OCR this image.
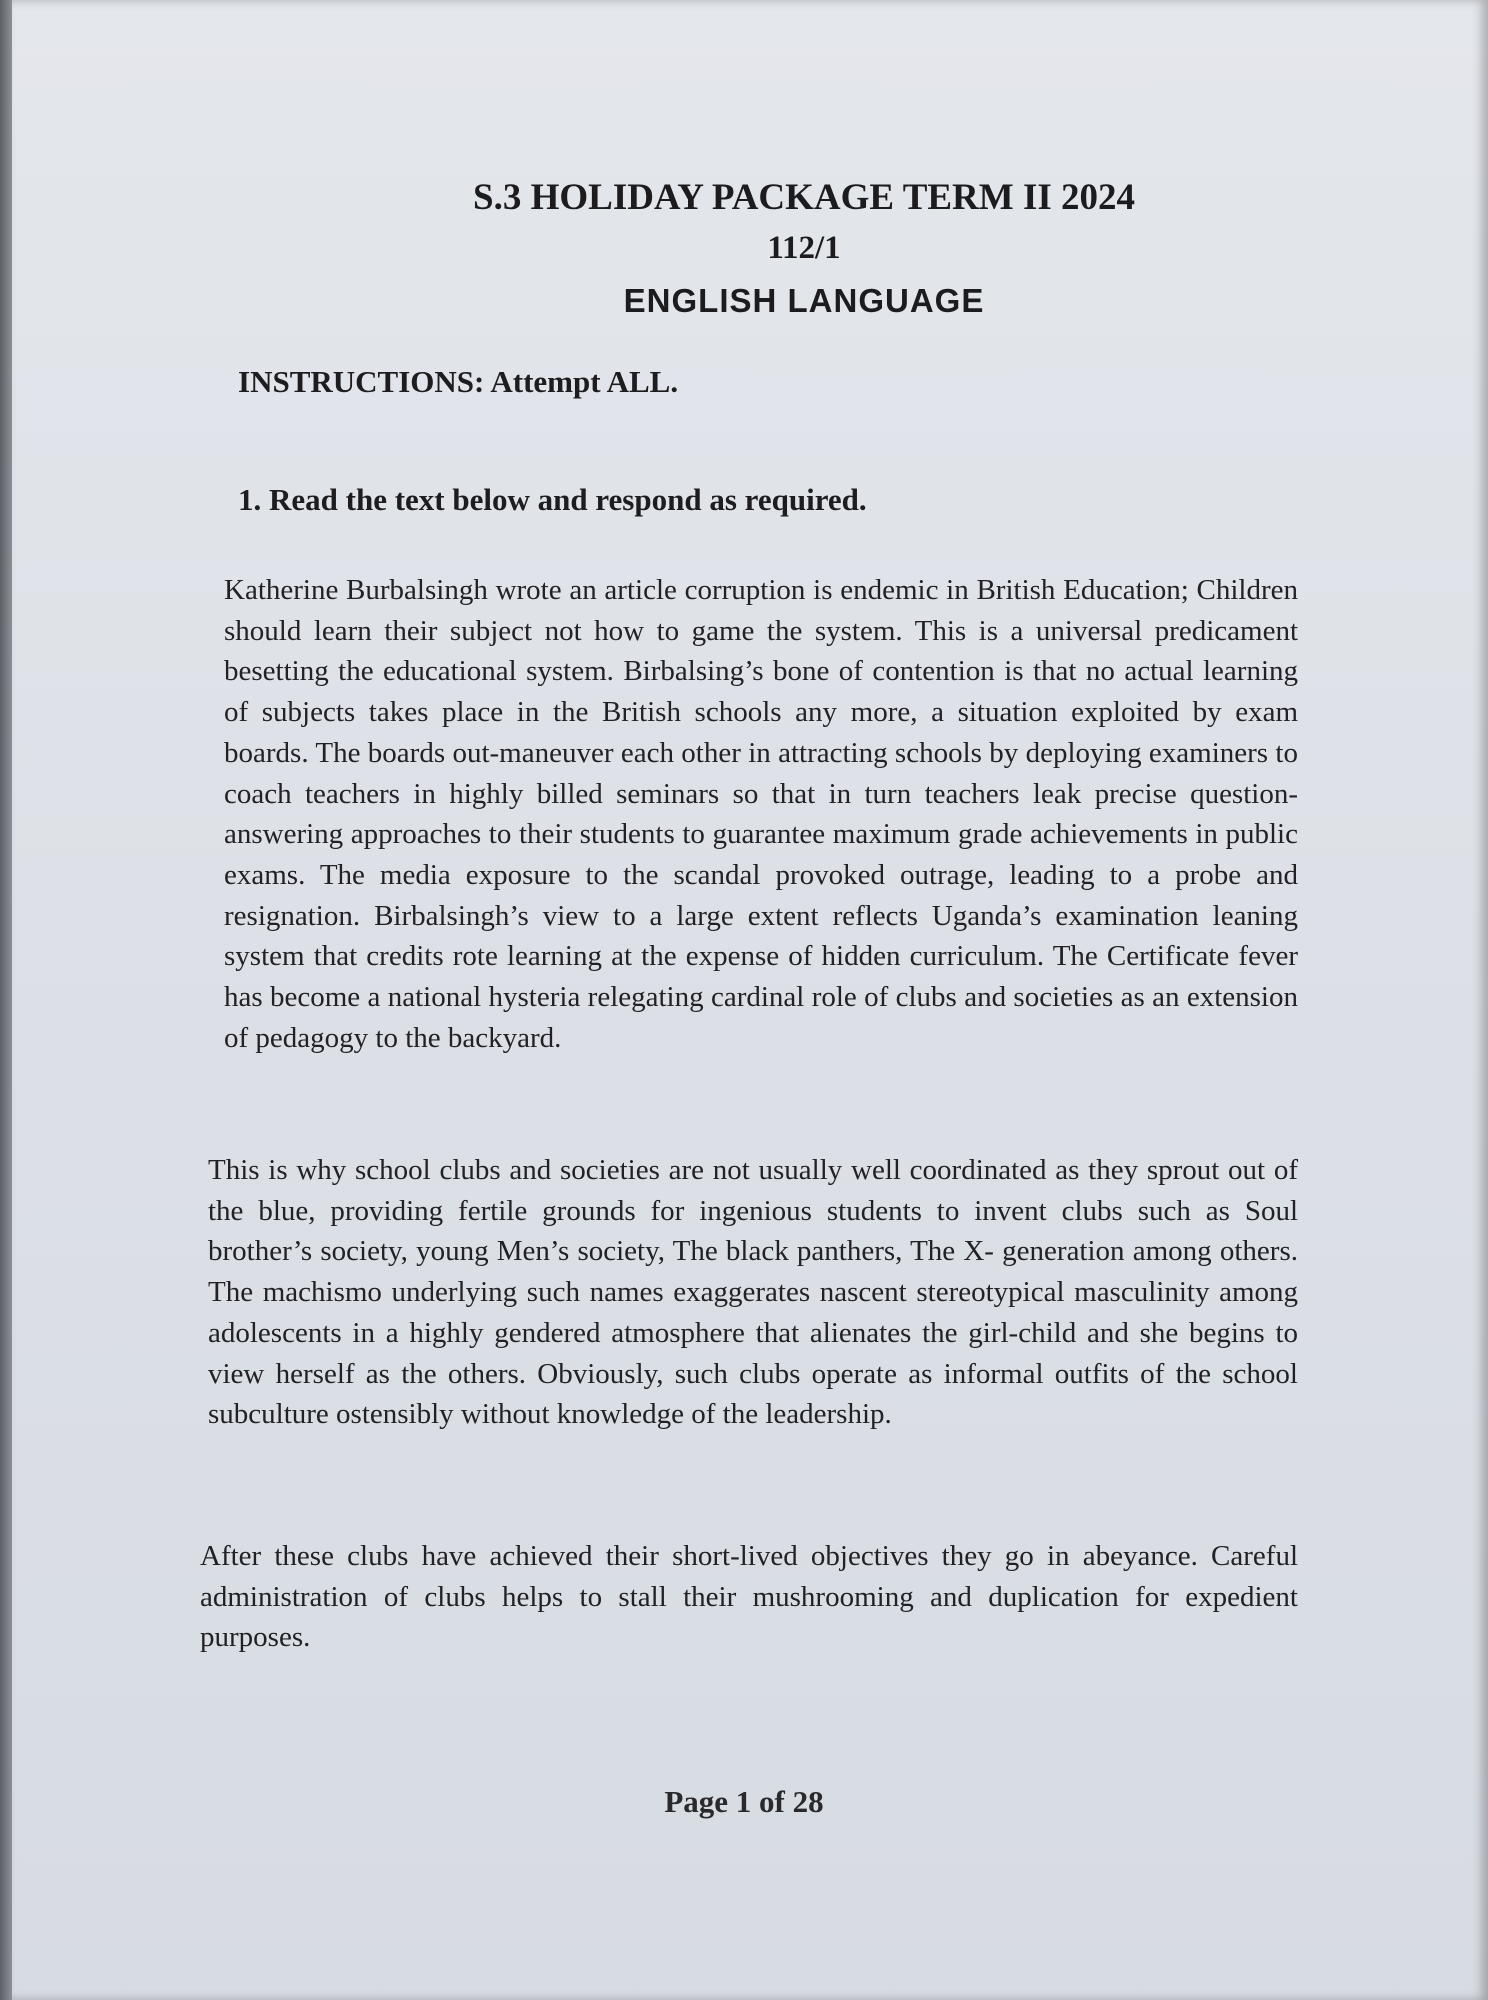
S.3 HOLIDAY PACKAGE TERM II 2024
112/1
ENGLISH LANGUAGE
INSTRUCTIONS: Attempt ALL.
1. Read the text below and respond as required.

Katherine Burbalsingh wrote an article corruption is endemic in British Education; Children should learn their subject not how to game the system. This is a universal predicament besetting the educational system. Birbalsing’s bone of contention is that no actual learning of subjects takes place in the British schools any more, a situation exploited by exam boards. The boards out-maneuver each other in attracting schools by deploying examiners to coach teachers in highly billed seminars so that in turn teachers leak precise question- answering approaches to their students to guarantee maximum grade achievements in public exams. The media exposure to the scandal provoked outrage, leading to a probe and resignation. Birbalsingh’s view to a large extent reflects Uganda’s examination leaning system that credits rote learning at the expense of hidden curriculum. The Certificate fever has become a national hysteria relegating cardinal role of clubs and societies as an extension of pedagogy to the backyard.

This is why school clubs and societies are not usually well coordinated as they sprout out of the blue, providing fertile grounds for ingenious students to invent clubs such as Soul brother’s society, young Men’s society, The black panthers, The X- generation among others. The machismo underlying such names exaggerates nascent stereotypical masculinity among adolescents in a highly gendered atmosphere that alienates the girl-child and she begins to view herself as the others. Obviously, such clubs operate as informal outfits of the school subculture ostensibly without knowledge of the leadership.

After these clubs have achieved their short-lived objectives they go in abeyance. Careful administration of clubs helps to stall their mushrooming and duplication for expedient purposes.

Page 1 of 28
